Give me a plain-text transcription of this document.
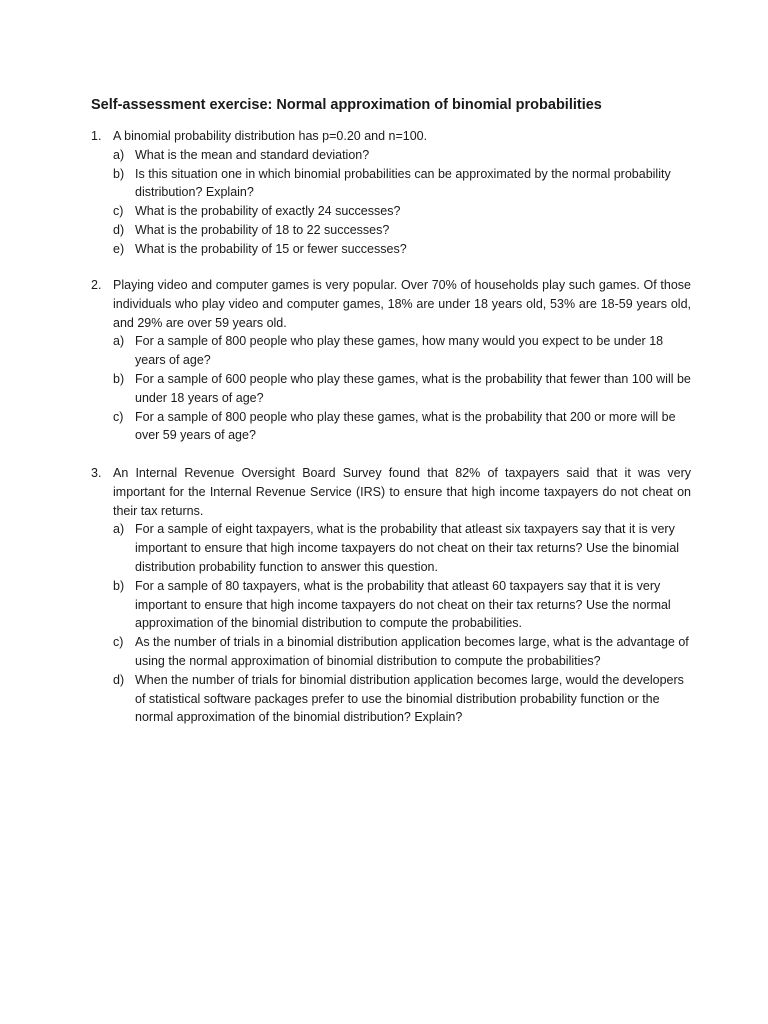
Self-assessment exercise: Normal approximation of binomial probabilities
1. A binomial probability distribution has p=0.20 and n=100.
a) What is the mean and standard deviation?
b) Is this situation one in which binomial probabilities can be approximated by the normal probability distribution? Explain?
c) What is the probability of exactly 24 successes?
d) What is the probability of 18 to 22 successes?
e) What is the probability of 15 or fewer successes?
2. Playing video and computer games is very popular. Over 70% of households play such games. Of those individuals who play video and computer games, 18% are under 18 years old, 53% are 18-59 years old, and 29% are over 59 years old.
a) For a sample of 800 people who play these games, how many would you expect to be under 18 years of age?
b) For a sample of 600 people who play these games, what is the probability that fewer than 100 will be under 18 years of age?
c) For a sample of 800 people who play these games, what is the probability that 200 or more will be over 59 years of age?
3. An Internal Revenue Oversight Board Survey found that 82% of taxpayers said that it was very important for the Internal Revenue Service (IRS) to ensure that high income taxpayers do not cheat on their tax returns.
a) For a sample of eight taxpayers, what is the probability that atleast six taxpayers say that it is very important to ensure that high income taxpayers do not cheat on their tax returns? Use the binomial distribution probability function to answer this question.
b) For a sample of 80 taxpayers, what is the probability that atleast 60 taxpayers say that it is very important to ensure that high income taxpayers do not cheat on their tax returns? Use the normal approximation of the binomial distribution to compute the probabilities.
c) As the number of trials in a binomial distribution application becomes large, what is the advantage of using the normal approximation of binomial distribution to compute the probabilities?
d) When the number of trials for binomial distribution application becomes large, would the developers of statistical software packages prefer to use the binomial distribution probability function or the normal approximation of the binomial distribution? Explain?
